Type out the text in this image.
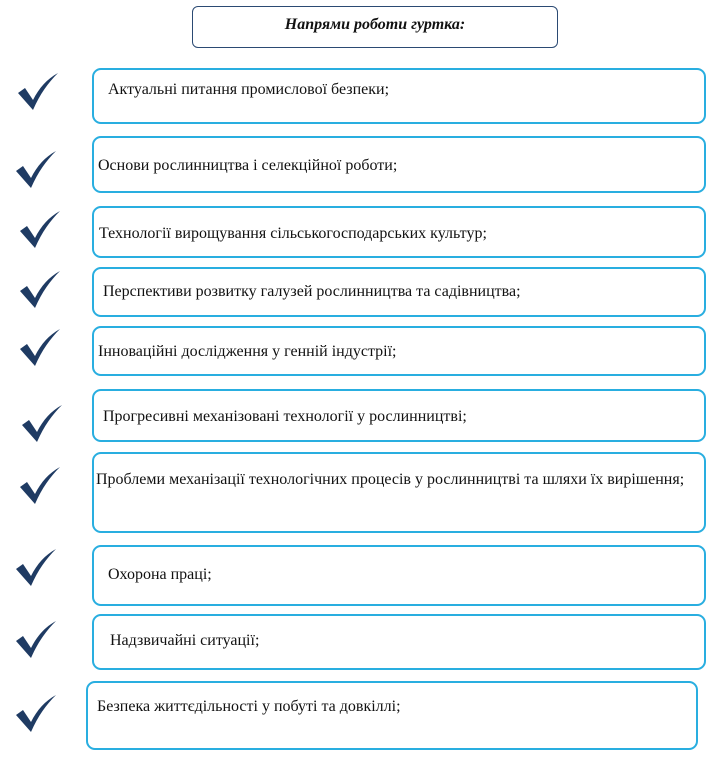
Напрями роботи гуртка:
Актуальні питання промислової безпеки;
Основи рослинництва і селекційної роботи;
Технології вирощування сільськогосподарських культур;
Перспективи розвитку галузей рослинництва та садівництва;
Інноваційні дослідження у генній індустрії;
Прогресивні механізовані технології у рослинництві;
Проблеми механізації технологічних процесів у рослинництві та шляхи їх вирішення;
Охорона праці;
Надзвичайні ситуації;
Безпека життєдільності у побуті та довкіллі;
